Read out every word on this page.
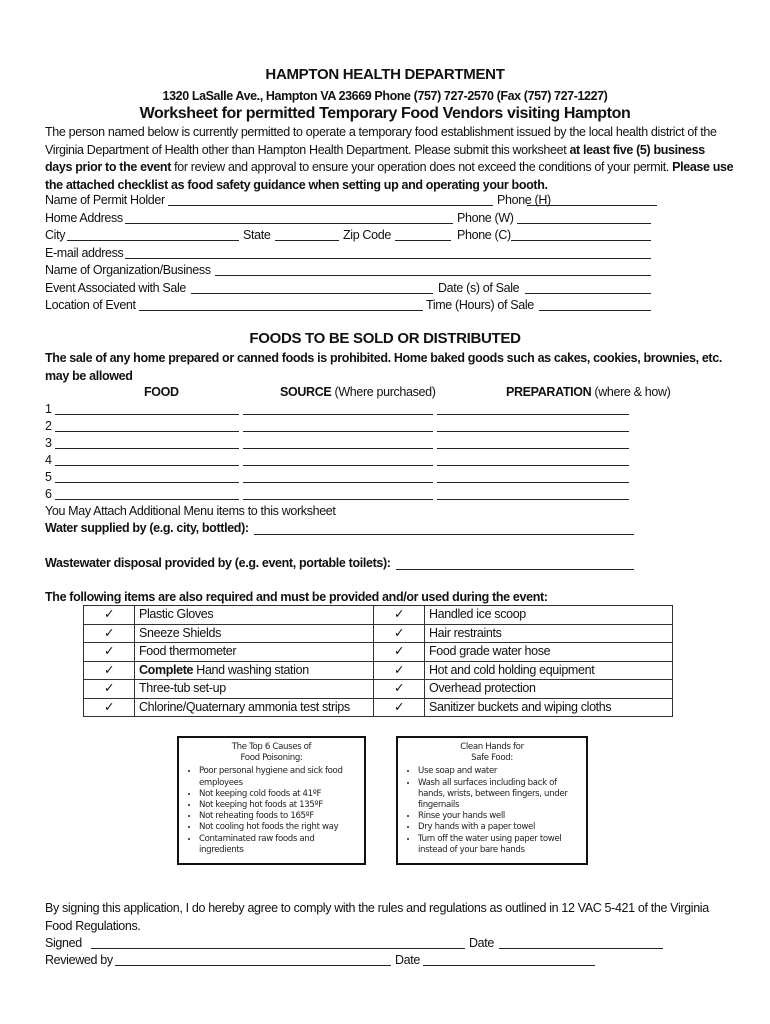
HAMPTON HEALTH DEPARTMENT
1320 LaSalle Ave., Hampton VA 23669 Phone (757) 727-2570 (Fax (757) 727-1227)
Worksheet for permitted Temporary Food Vendors visiting Hampton
The person named below is currently permitted to operate a temporary food establishment issued by the local health district of the Virginia Department of Health other than Hampton Health Department. Please submit this worksheet at least five (5) business days prior to the event for review and approval to ensure your operation does not exceed the conditions of your permit. Please use the attached checklist as food safety guidance when setting up and operating your booth.
Name of Permit Holder	Phone (H)
Home Address	Phone (W)
City	State	Zip Code	Phone (C)
E-mail address
Name of Organization/Business
Event Associated with Sale	Date (s) of Sale
Location of Event	Time (Hours) of Sale
FOODS TO BE SOLD OR DISTRIBUTED
The sale of any home prepared or canned foods is prohibited. Home baked goods such as cakes, cookies, brownies, etc. may be allowed
FOOD	SOURCE (Where purchased)	PREPARATION (where & how)
1
2
3
4
5
6
You May Attach Additional Menu items to this worksheet
Water supplied by (e.g. city, bottled):
Wastewater disposal provided by (e.g. event, portable toilets):
The following items are also required and must be provided and/or used during the event:
✓	Plastic Gloves	✓	Handled ice scoop
✓	Sneeze Shields	✓	Hair restraints
✓	Food thermometer	✓	Food grade water hose
✓	Complete Hand washing station	✓	Hot and cold holding equipment
✓	Three-tub set-up	✓	Overhead protection
✓	Chlorine/Quaternary ammonia test strips	✓	Sanitizer buckets and wiping cloths
The Top 6 Causes of
Food Poisoning:
• Poor personal hygiene and sick food employees
• Not keeping cold foods at 41ºF
• Not keeping hot foods at 135ºF
• Not reheating foods to 165ºF
• Not cooling hot foods the right way
• Contaminated raw foods and ingredients
Clean Hands for
Safe Food:
• Use soap and water
• Wash all surfaces including back of hands, wrists, between fingers, under fingernails
• Rinse your hands well
• Dry hands with a paper towel
• Turn off the water using paper towel instead of your bare hands
By signing this application, I do hereby agree to comply with the rules and regulations as outlined in 12 VAC 5-421 of the Virginia Food Regulations.
Signed	Date
Reviewed by	Date
